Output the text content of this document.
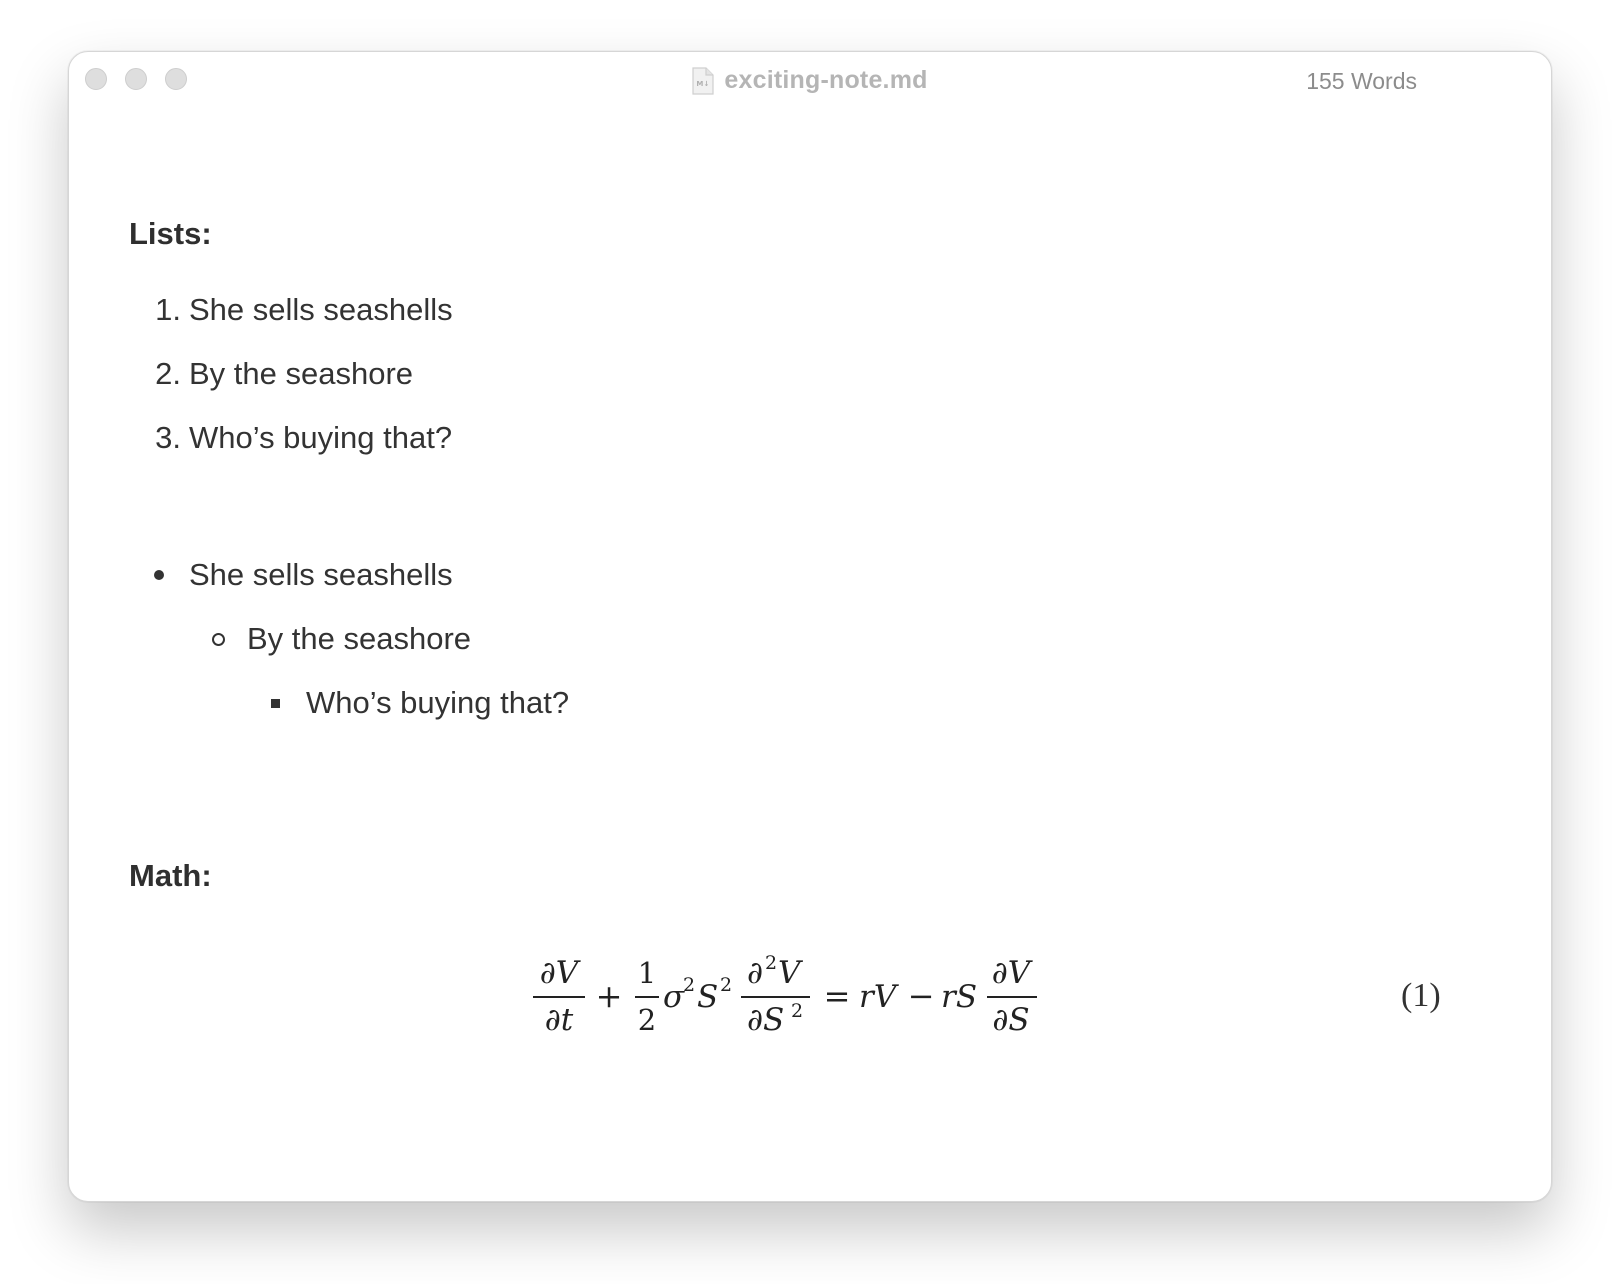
M↓ exciting-note.md	155 Words
Lists:
1. She sells seashells
2. By the seashore
3. Who’s buying that?
She sells seashells
By the seashore
Who’s buying that?
Math:
∂V
∂t
+
1
2
σ
2 S 2 ∂ 2 V
∂S 2 = rV − rS
∂V
∂S
(1)
